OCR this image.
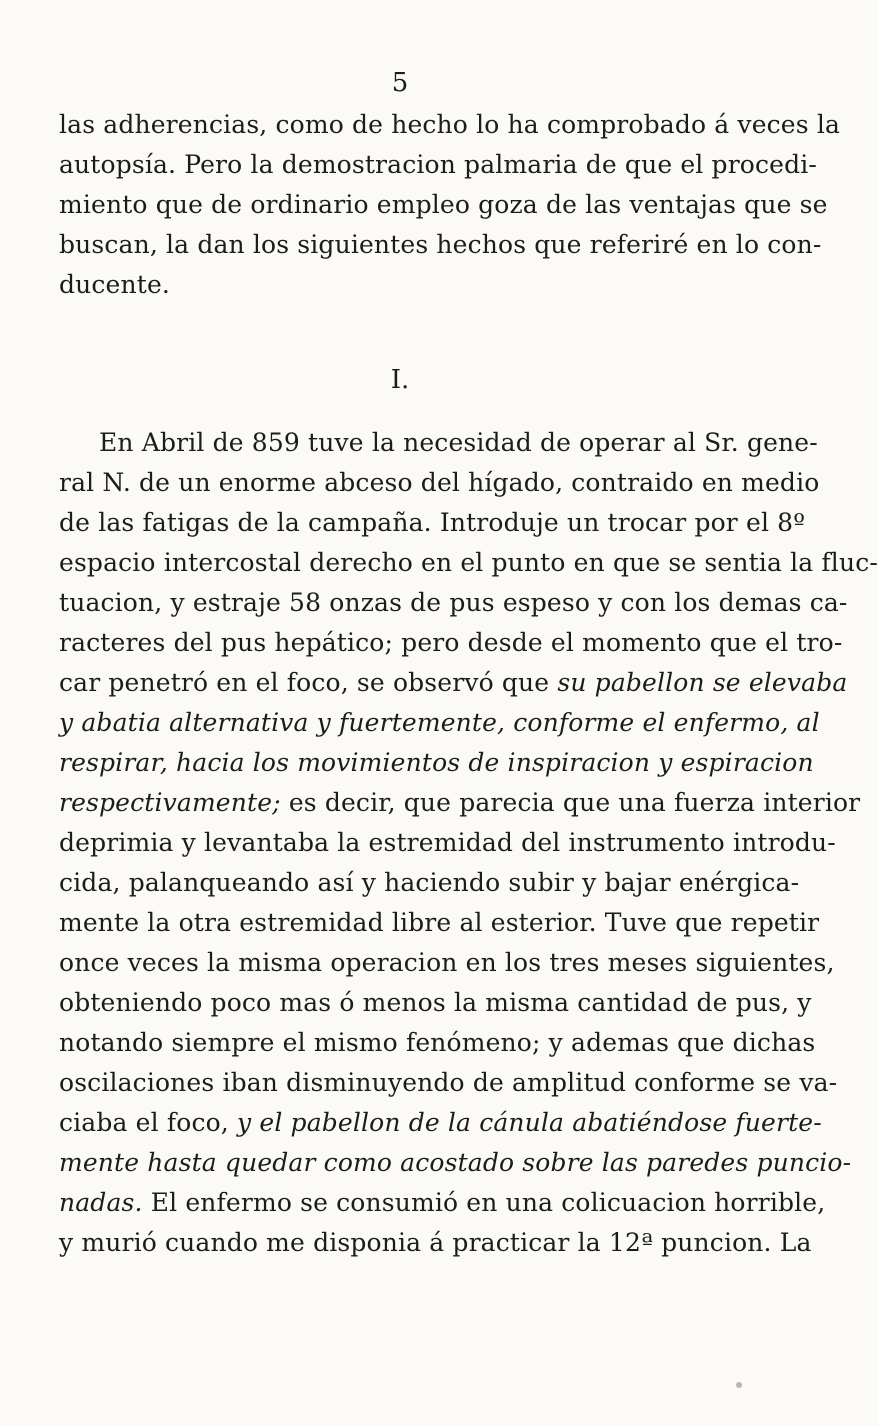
5
las adherencias, como de hecho lo ha comprobado á veces la
autopsía. Pero la demostracion palmaria de que el procedi-
miento que de ordinario empleo goza de las ventajas que se
buscan, la dan los siguientes hechos que referiré en lo con-
ducente.
I.
En Abril de 859 tuve la necesidad de operar al Sr. gene-
ral N. de un enorme abceso del hígado, contraido en medio
de las fatigas de la campaña. Introduje un trocar por el 8º
espacio intercostal derecho en el punto en que se sentia la fluc-
tuacion, y estraje 58 onzas de pus espeso y con los demas ca-
racteres del pus hepático; pero desde el momento que el tro-
car penetró en el foco, se observó que su pabellon se elevaba
y abatia alternativa y fuertemente, conforme el enfermo, al
respirar, hacia los movimientos de inspiracion y espiracion
respectivamente; es decir, que parecia que una fuerza interior
deprimia y levantaba la estremidad del instrumento introdu-
cida, palanqueando así y haciendo subir y bajar enérgica-
mente la otra estremidad libre al esterior. Tuve que repetir
once veces la misma operacion en los tres meses siguientes,
obteniendo poco mas ó menos la misma cantidad de pus, y
notando siempre el mismo fenómeno; y ademas que dichas
oscilaciones iban disminuyendo de amplitud conforme se va-
ciaba el foco, y el pabellon de la cánula abatiéndose fuerte-
mente hasta quedar como acostado sobre las paredes puncio-
nadas. El enfermo se consumió en una colicuacion horrible,
y murió cuando me disponia á practicar la 12ª puncion. La
